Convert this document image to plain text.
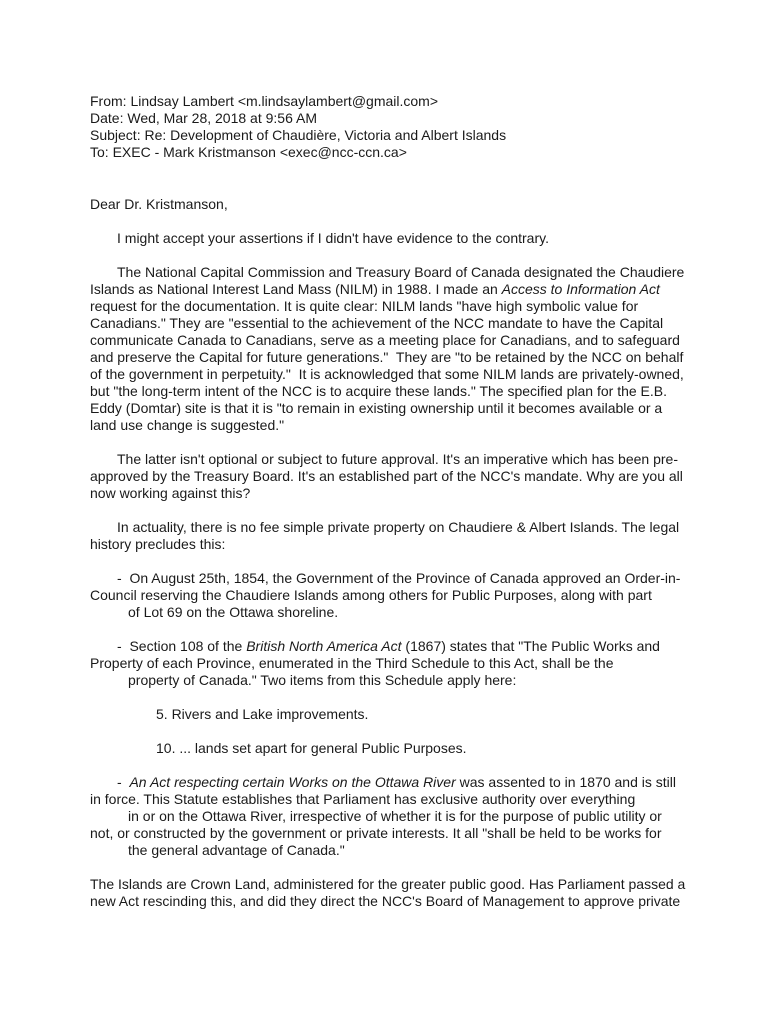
From: Lindsay Lambert <m.lindsaylambert@gmail.com>

Date: Wed, Mar 28, 2018 at 9:56 AM

Subject: Re: Development of Chaudière, Victoria and Albert Islands

To: EXEC - Mark Kristmanson <exec@ncc-ccn.ca>

Dear Dr. Kristmanson,

I might accept your assertions if I didn't have evidence to the contrary.

The National Capital Commission and Treasury Board of Canada designated the Chaudiere

Islands as National Interest Land Mass (NILM) in 1988. I made an Access to Information Act

request for the documentation. It is quite clear: NILM lands "have high symbolic value for

Canadians." They are "essential to the achievement of the NCC mandate to have the Capital

communicate Canada to Canadians, serve as a meeting place for Canadians, and to safeguard

and preserve the Capital for future generations."  They are "to be retained by the NCC on behalf

of the government in perpetuity."  It is acknowledged that some NILM lands are privately-owned,

but "the long-term intent of the NCC is to acquire these lands." The specified plan for the E.B.

Eddy (Domtar) site is that it is "to remain in existing ownership until it becomes available or a

land use change is suggested."

The latter isn't optional or subject to future approval. It's an imperative which has been pre-

approved by the Treasury Board. It's an established part of the NCC's mandate. Why are you all

now working against this?

In actuality, there is no fee simple private property on Chaudiere & Albert Islands. The legal

history precludes this:

-  On August 25th, 1854, the Government of the Province of Canada approved an Order-in-

Council reserving the Chaudiere Islands among others for Public Purposes, along with part

of Lot 69 on the Ottawa shoreline.

-  Section 108 of the British North America Act (1867) states that "The Public Works and

Property of each Province, enumerated in the Third Schedule to this Act, shall be the

property of Canada." Two items from this Schedule apply here:

5. Rivers and Lake improvements.

10. ... lands set apart for general Public Purposes.

-  An Act respecting certain Works on the Ottawa River was assented to in 1870 and is still

in force. This Statute establishes that Parliament has exclusive authority over everything

in or on the Ottawa River, irrespective of whether it is for the purpose of public utility or

not, or constructed by the government or private interests. It all "shall be held to be works for

the general advantage of Canada."

The Islands are Crown Land, administered for the greater public good. Has Parliament passed a

new Act rescinding this, and did they direct the NCC's Board of Management to approve private
